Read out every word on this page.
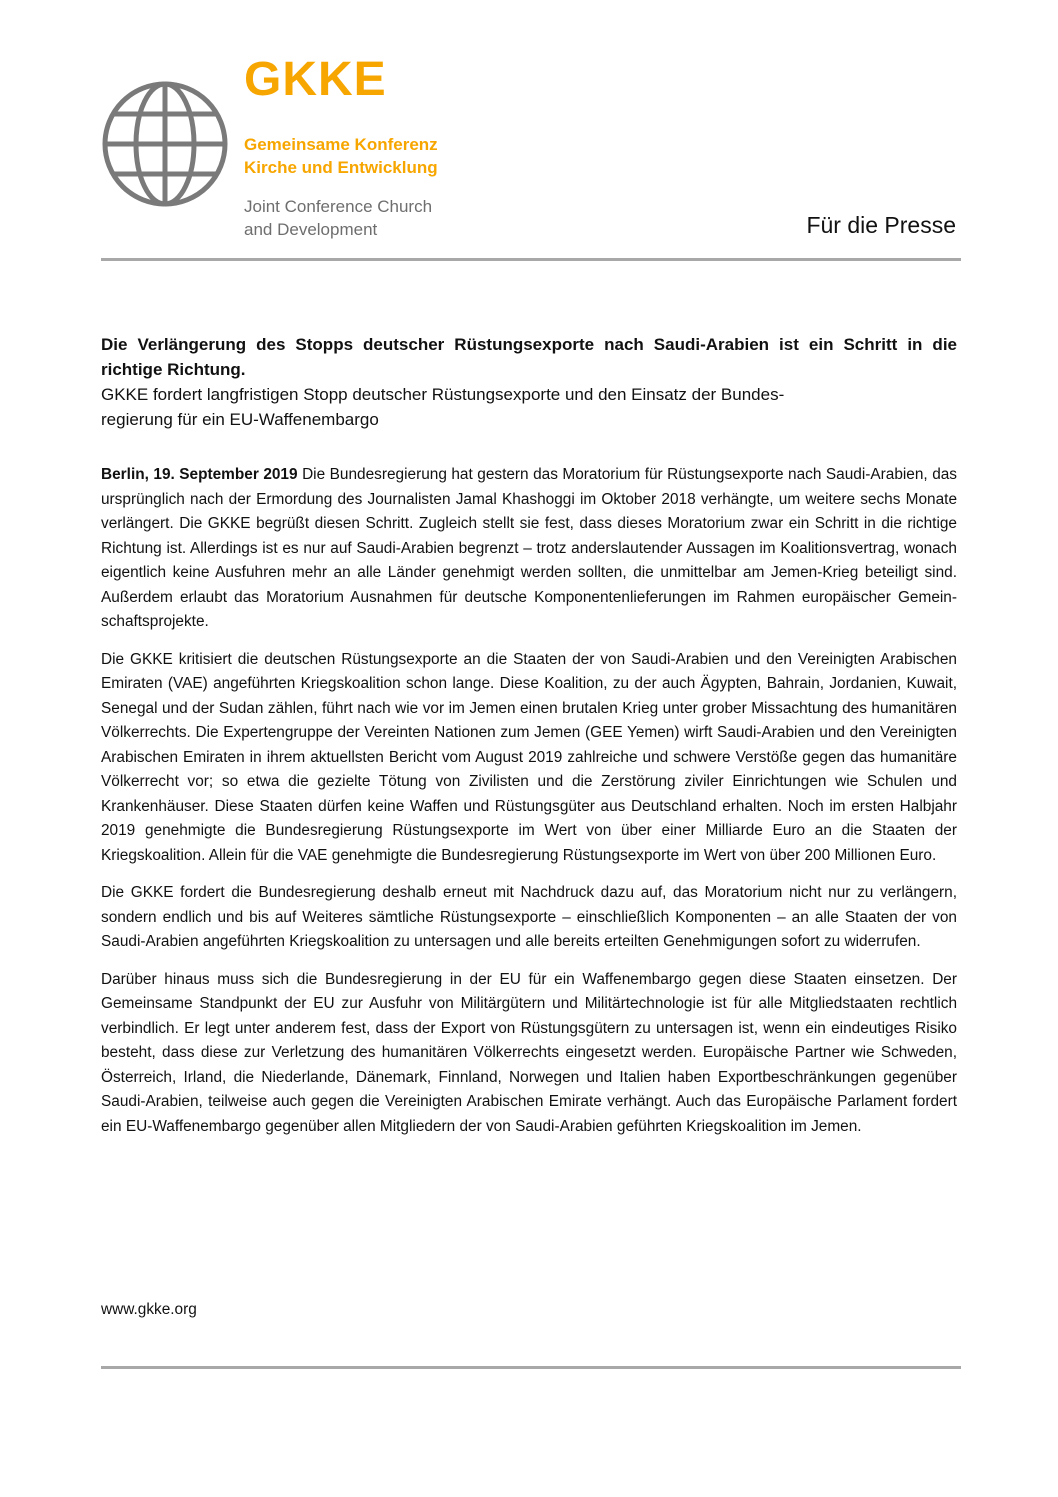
GKKE
Gemeinsame Konferenz
Kirche und Entwicklung
Joint Conference Church
and Development	Für die Presse

Die Verlängerung des Stopps deutscher Rüstungsexporte nach Saudi-Arabien ist ein Schritt in die richtige Richtung.

GKKE fordert langfristigen Stopp deutscher Rüstungsexporte und den Einsatz der Bundes-
regierung für ein EU-Waffenembargo

Berlin, 19. September 2019 Die Bundesregierung hat gestern das Moratorium für Rüstungsexporte nach Saudi-Arabien, das ursprünglich nach der Ermordung des Journalisten Jamal Khashoggi im Oktober 2018 verhängte, um weitere sechs Monate verlängert. Die GKKE begrüßt diesen Schritt. Zugleich stellt sie fest, dass dieses Moratorium zwar ein Schritt in die richtige Richtung ist. Allerdings ist es nur auf Saudi-Arabien begrenzt – trotz anderslautender Aussagen im Koalitionsvertrag, wonach eigentlich keine Ausfuhren mehr an alle Länder genehmigt werden sollten, die unmittelbar am Jemen-Krieg beteiligt sind. Außerdem erlaubt das Moratorium Ausnahmen für deutsche Komponentenlieferungen im Rahmen europäischer Gemeinschaftsprojekte.

Die GKKE kritisiert die deutschen Rüstungsexporte an die Staaten der von Saudi-Arabien und den Vereinigten Arabischen Emiraten (VAE) angeführten Kriegskoalition schon lange. Diese Koalition, zu der auch Ägypten, Bahrain, Jordanien, Kuwait, Senegal und der Sudan zählen, führt nach wie vor im Jemen einen brutalen Krieg unter grober Missachtung des humanitären Völkerrechts. Die Expertengruppe der Vereinten Nationen zum Jemen (GEE Yemen) wirft Saudi-Arabien und den Vereinigten Arabischen Emiraten in ihrem aktuellsten Bericht vom August 2019 zahlreiche und schwere Verstöße gegen das humanitäre Völkerrecht vor; so etwa die gezielte Tötung von Zivilisten und die Zerstörung ziviler Einrichtungen wie Schulen und Krankenhäuser. Diese Staaten dürfen keine Waffen und Rüstungsgüter aus Deutschland erhalten. Noch im ersten Halbjahr 2019 genehmigte die Bundesregierung Rüstungsexporte im Wert von über einer Milliarde Euro an die Staaten der Kriegskoalition. Allein für die VAE genehmigte die Bundesregierung Rüstungsexporte im Wert von über 200 Millionen Euro.

Die GKKE fordert die Bundesregierung deshalb erneut mit Nachdruck dazu auf, das Moratorium nicht nur zu verlängern, sondern endlich und bis auf Weiteres sämtliche Rüstungsexporte – einschließlich Komponenten – an alle Staaten der von Saudi-Arabien angeführten Kriegskoalition zu untersagen und alle bereits erteilten Genehmigungen sofort zu widerrufen.

Darüber hinaus muss sich die Bundesregierung in der EU für ein Waffenembargo gegen diese Staaten einsetzen. Der Gemeinsame Standpunkt der EU zur Ausfuhr von Militärgütern und Militärtechnologie ist für alle Mitgliedstaaten rechtlich verbindlich. Er legt unter anderem fest, dass der Export von Rüstungsgütern zu untersagen ist, wenn ein eindeutiges Risiko besteht, dass diese zur Verletzung des humanitären Völkerrechts eingesetzt werden. Europäische Partner wie Schweden, Österreich, Irland, die Niederlande, Dänemark, Finnland, Norwegen und Italien haben Exportbeschränkungen gegenüber Saudi-Arabien, teilweise auch gegen die Vereinigten Arabischen Emirate verhängt. Auch das Europäische Parlament fordert ein EU-Waffenembargo gegenüber allen Mitgliedern der von Saudi-Arabien geführten Kriegskoalition im Jemen.

www.gkke.org
